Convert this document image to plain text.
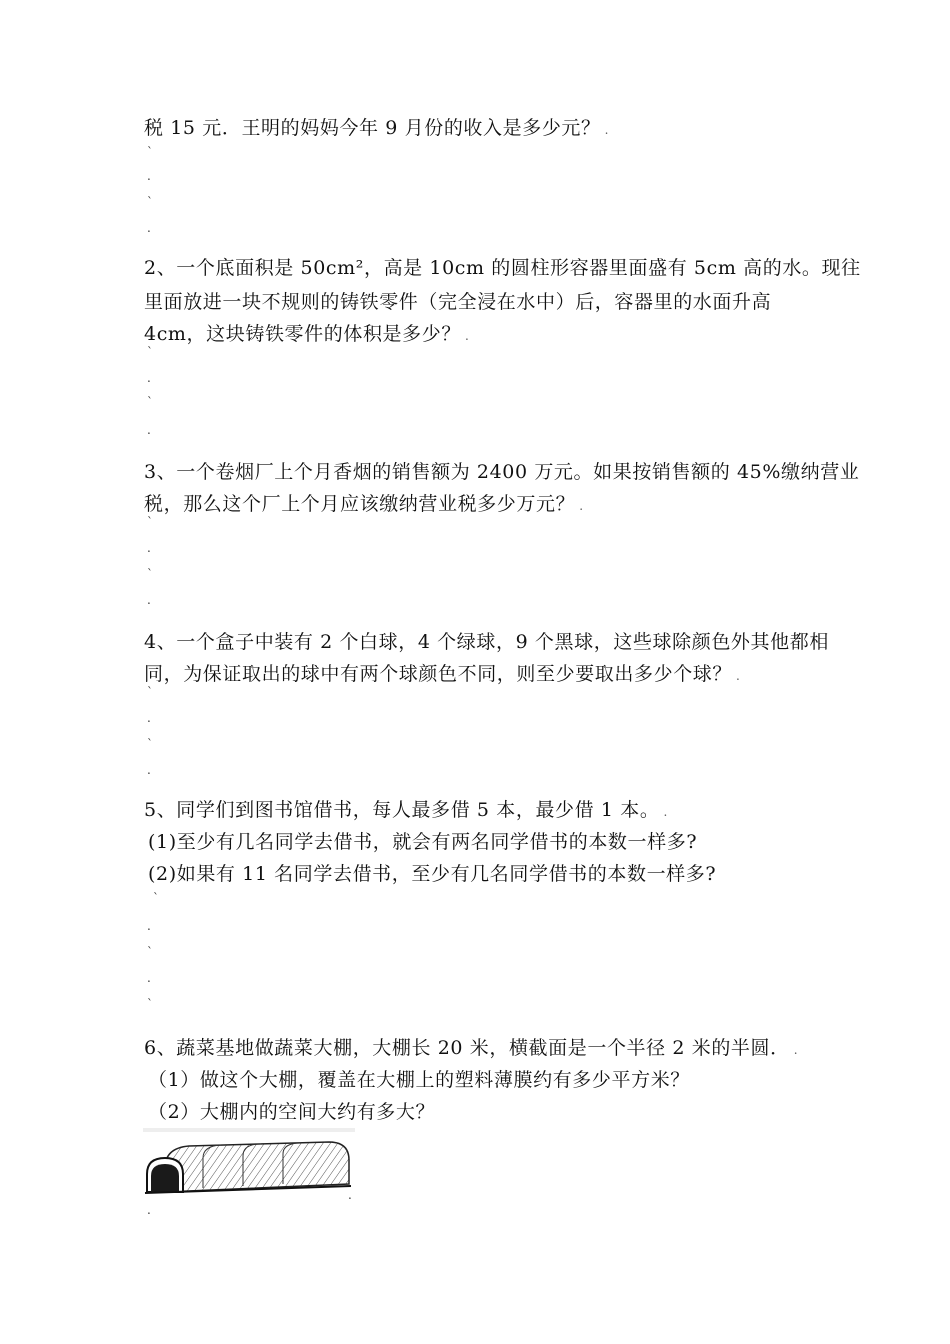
税 15 元．王明的妈妈今年 9 月份的收入是多少元？ .
`
.
`
.
2、一个底面积是 50cm²，高是 10cm 的圆柱形容器里面盛有 5cm 高的水。现往
里面放进一块不规则的铸铁零件（完全浸在水中）后，容器里的水面升高
4cm，这块铸铁零件的体积是多少？ .
`
.
`
.
3、一个卷烟厂上个月香烟的销售额为 2400 万元。如果按销售额的 45%缴纳营业
税，那么这个厂上个月应该缴纳营业税多少万元？ .
`
.
`
.
4、一个盒子中装有 2 个白球，4 个绿球，9 个黑球，这些球除颜色外其他都相
同，为保证取出的球中有两个球颜色不同，则至少要取出多少个球？ .
`
.
`
.
5、同学们到图书馆借书，每人最多借 5 本，最少借 1 本。 .
(1)至少有几名同学去借书，就会有两名同学借书的本数一样多?
(2)如果有 11 名同学去借书，至少有几名同学借书的本数一样多?
`
.
`
.
`
6、蔬菜基地做蔬菜大棚，大棚长 20 米，横截面是一个半径 2 米的半圆． .
（1）做这个大棚，覆盖在大棚上的塑料薄膜约有多少平方米？
（2）大棚内的空间大约有多大？
.
.
